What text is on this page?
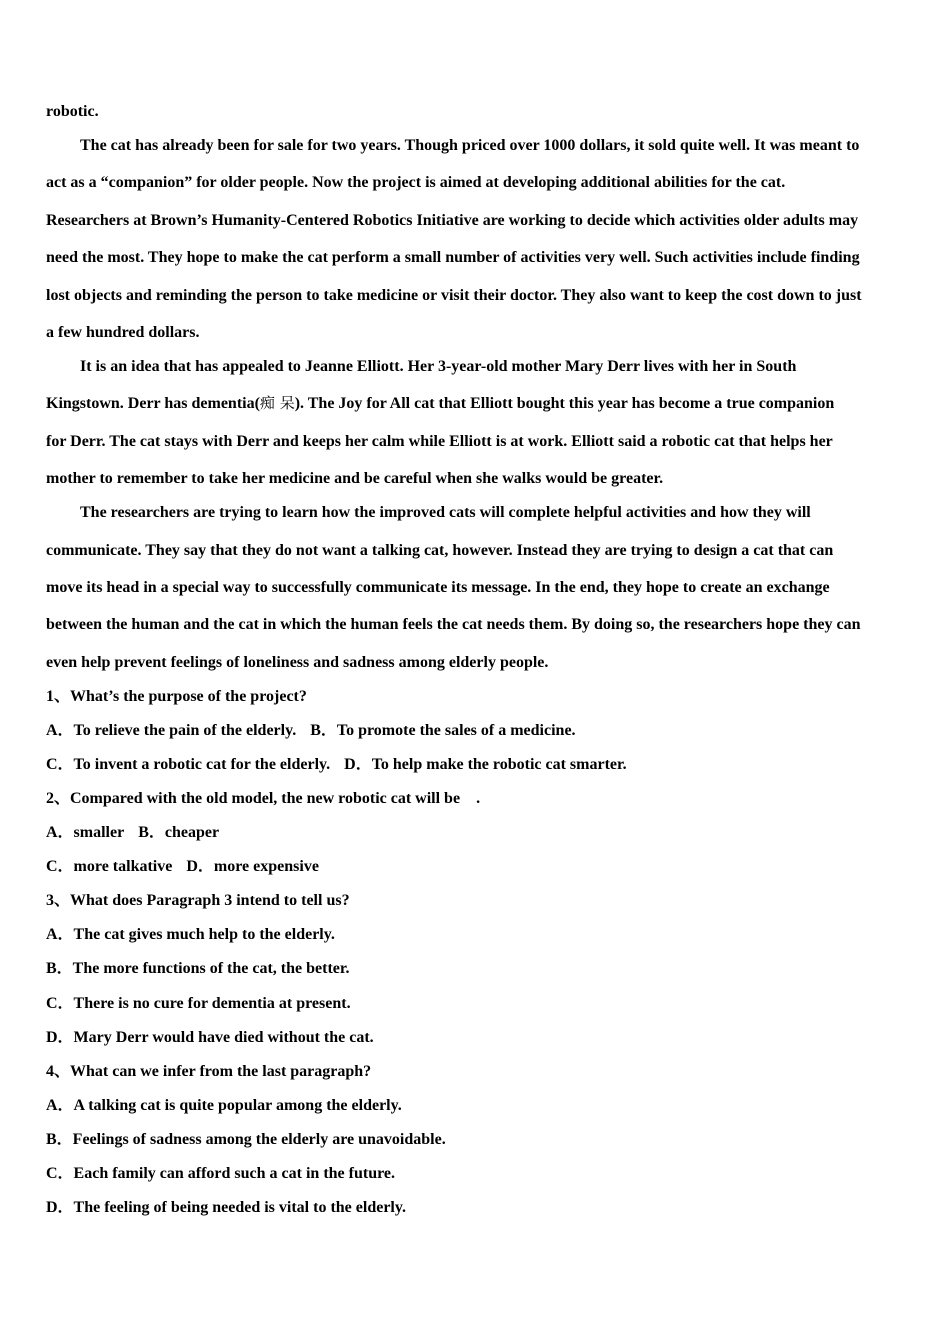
robotic.

The cat has already been for sale for two years. Though priced over 1000 dollars, it sold quite well. It was meant to

act as a “companion” for older people. Now the project is aimed at developing additional abilities for the cat.

Researchers at Brown’s Humanity-Centered Robotics Initiative are working to decide which activities older adults may

need the most. They hope to make the cat perform a small number of activities very well. Such activities include finding

lost objects and reminding the person to take medicine or visit their doctor. They also want to keep the cost down to just

a few hundred dollars.

It is an idea that has appealed to Jeanne Elliott. Her 3-year-old mother Mary Derr lives with her in South

Kingstown. Derr has dementia(痴 呆). The Joy for All cat that Elliott bought this year has become a true companion

for Derr. The cat stays with Derr and keeps her calm while Elliott is at work. Elliott said a robotic cat that helps her

mother to remember to take her medicine and be careful when she walks would be greater.

The researchers are trying to learn how the improved cats will complete helpful activities and how they will

communicate. They say that they do not want a talking cat, however. Instead they are trying to design a cat that can

move its head in a special way to successfully communicate its message. In the end, they hope to create an exchange

between the human and the cat in which the human feels the cat needs them. By doing so, the researchers hope they can

even help prevent feelings of loneliness and sadness among elderly people.

1、What’s the purpose of the project?

A．To relieve the pain of the elderly. B．To promote the sales of a medicine.

C．To invent a robotic cat for the elderly. D．To help make the robotic cat smarter.

2、Compared with the old model, the new robotic cat will be .

A．smaller B．cheaper

C．more talkative D．more expensive

3、What does Paragraph 3 intend to tell us?

A．The cat gives much help to the elderly.

B．The more functions of the cat, the better.

C．There is no cure for dementia at present.

D．Mary Derr would have died without the cat.

4、What can we infer from the last paragraph?

A．A talking cat is quite popular among the elderly.

B．Feelings of sadness among the elderly are unavoidable.

C．Each family can afford such a cat in the future.

D．The feeling of being needed is vital to the elderly.
